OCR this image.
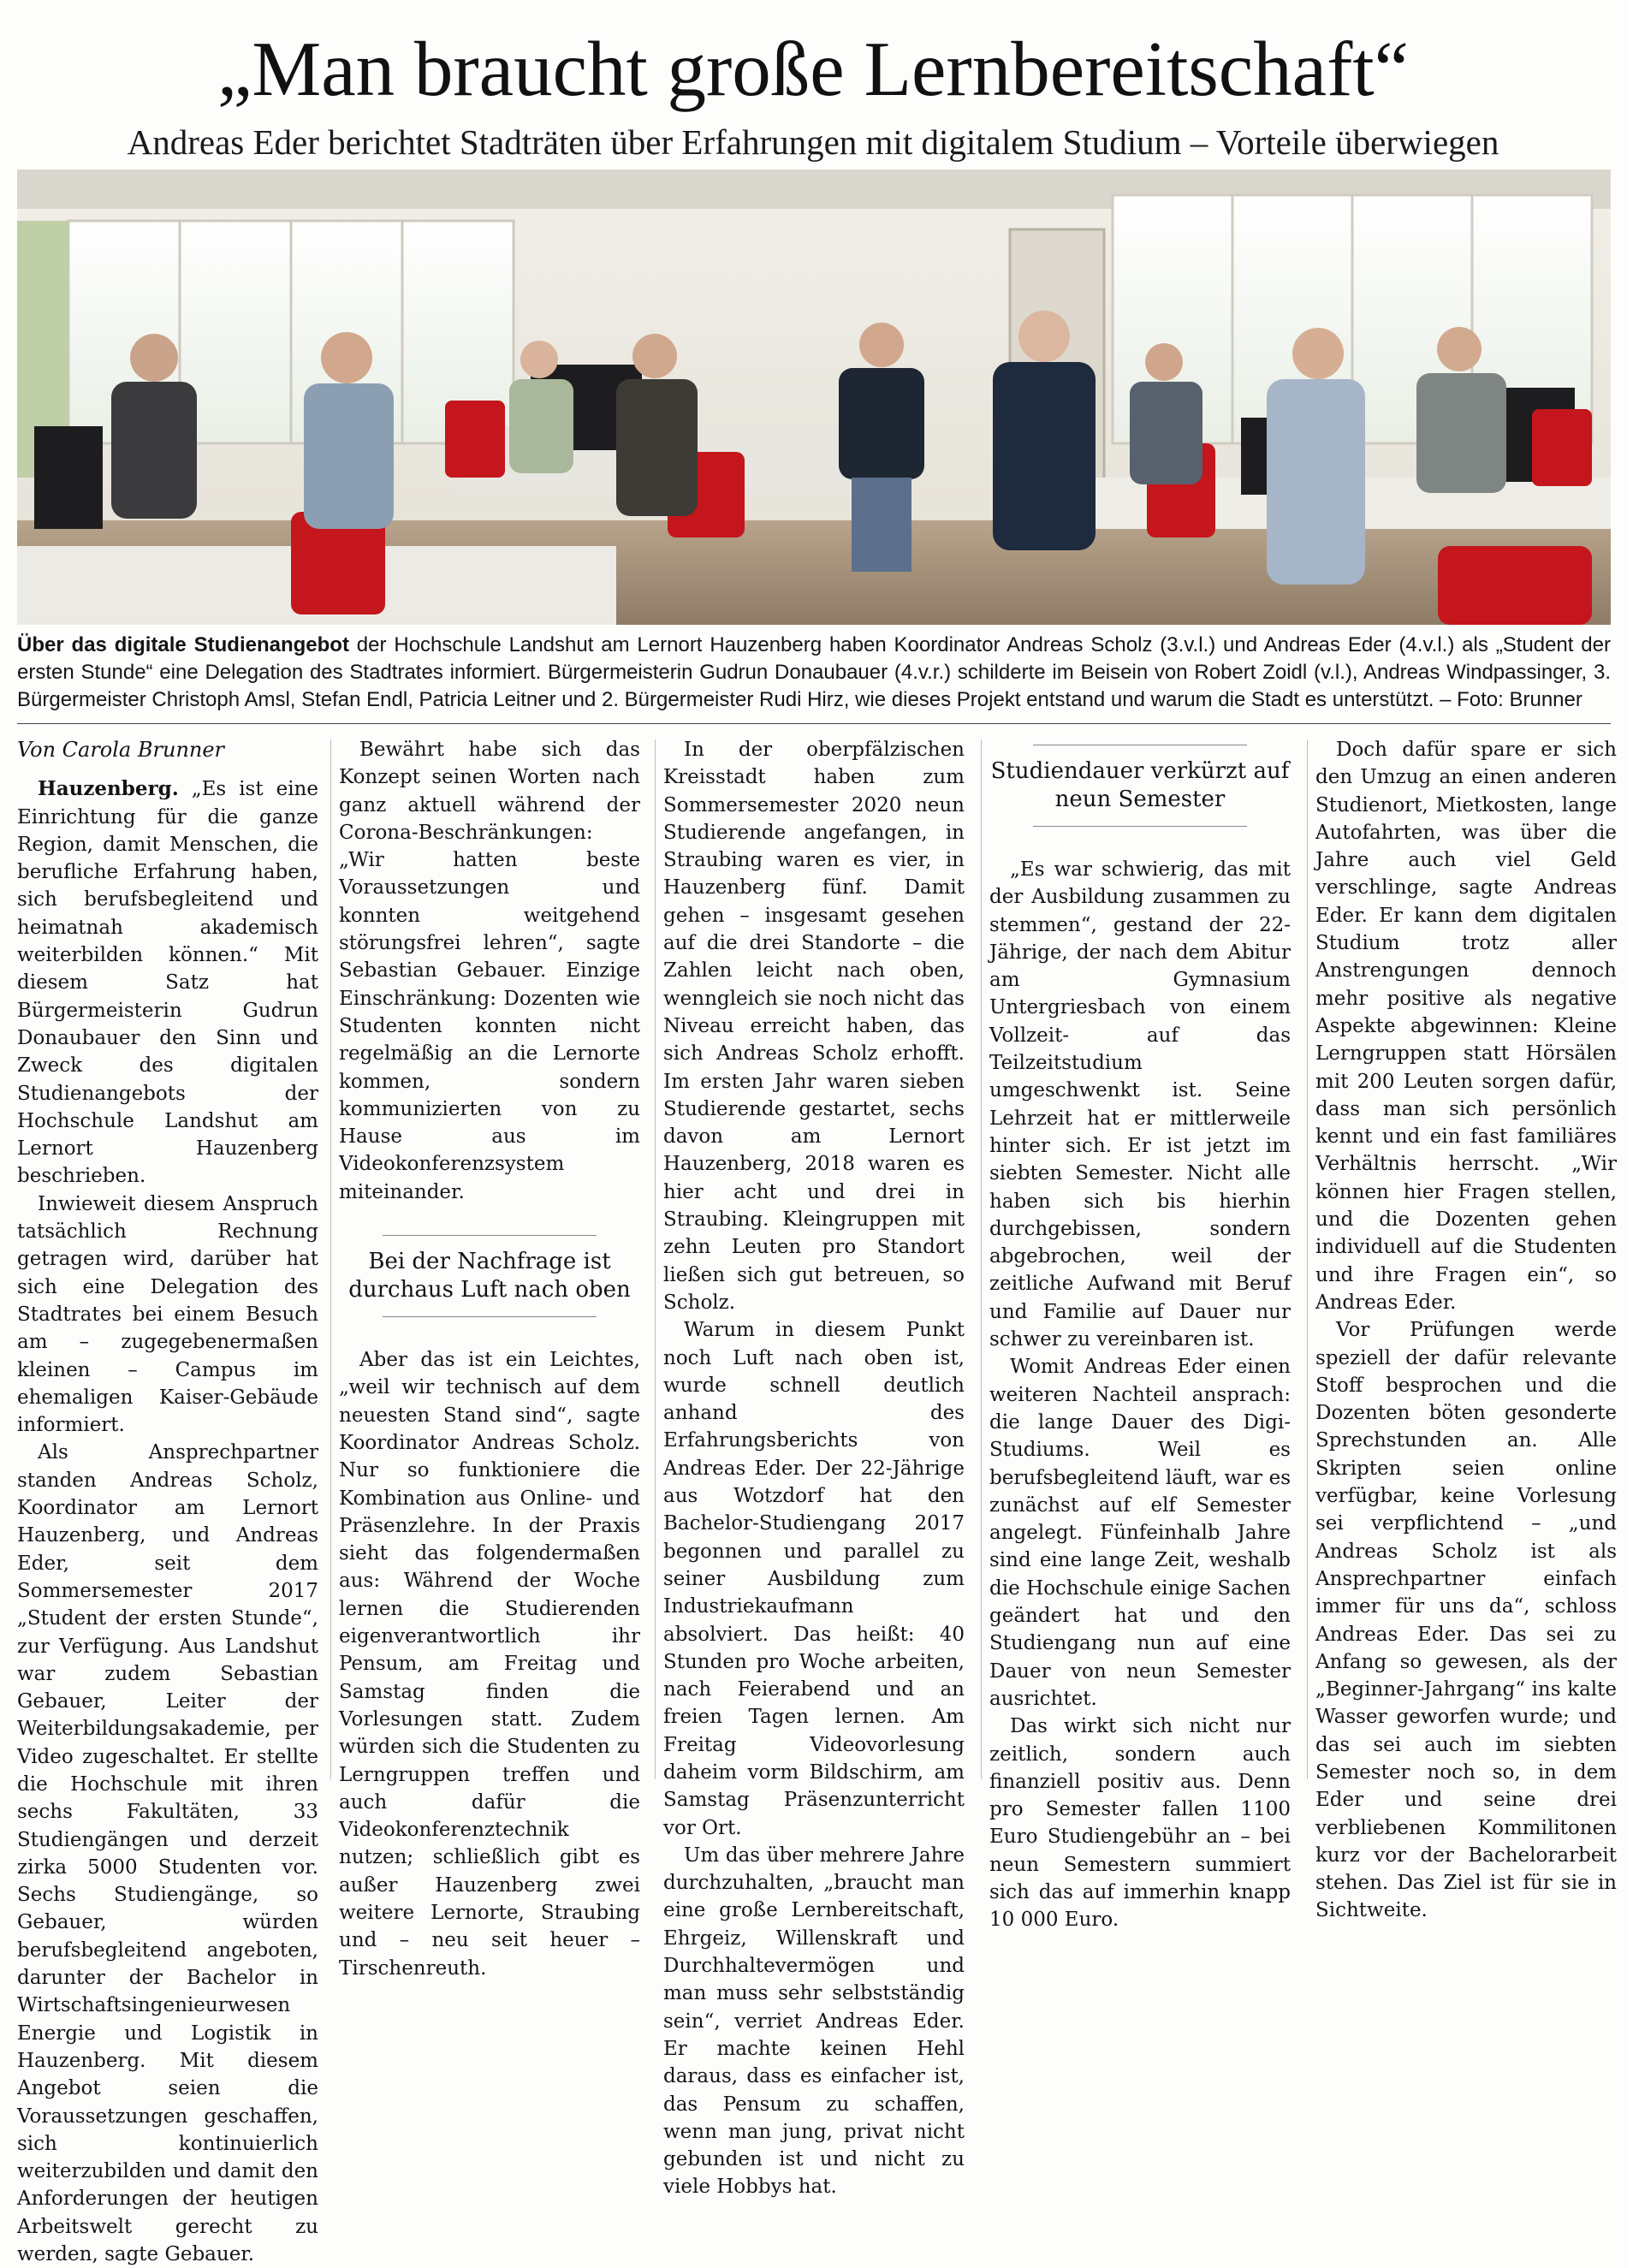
„Man braucht große Lernbereitschaft“
Andreas Eder berichtet Stadträten über Erfahrungen mit digitalem Studium – Vorteile überwiegen

Über das digitale Studienangebot der Hochschule Landshut am Lernort Hauzenberg haben Koordinator Andreas Scholz (3.v.l.) und Andreas Eder (4.v.l.) als „Student der ersten Stunde“ eine Delegation des Stadtrates informiert. Bürgermeisterin Gudrun Donaubauer (4.v.r.) schilderte im Beisein von Robert Zoidl (v.l.), Andreas Windpassinger, 3. Bürgermeister Christoph Amsl, Stefan Endl, Patricia Leitner und 2. Bürgermeister Rudi Hirz, wie dieses Projekt entstand und warum die Stadt es unterstützt. – Foto: Brunner

Von Carola Brunner

Hauzenberg. „Es ist eine Einrichtung für die ganze Region, damit Menschen, die berufliche Erfahrung haben, sich berufsbegleitend und heimatnah akademisch weiterbilden können.“ Mit diesem Satz hat Bürgermeisterin Gudrun Donaubauer den Sinn und Zweck des digitalen Studienangebots der Hochschule Landshut am Lernort Hauzenberg beschrieben.

Inwieweit diesem Anspruch tatsächlich Rechnung getragen wird, darüber hat sich eine Delegation des Stadtrates bei einem Besuch am – zugegebenermaßen kleinen – Campus im ehemaligen Kaiser-Gebäude informiert.

Als Ansprechpartner standen Andreas Scholz, Koordinator am Lernort Hauzenberg, und Andreas Eder, seit dem Sommersemester 2017 „Student der ersten Stunde“, zur Verfügung. Aus Landshut war zudem Sebastian Gebauer, Leiter der Weiterbildungsakademie, per Video zugeschaltet. Er stellte die Hochschule mit ihren sechs Fakultäten, 33 Studiengängen und derzeit zirka 5000 Studenten vor. Sechs Studiengänge, so Gebauer, würden berufsbegleitend angeboten, darunter der Bachelor in Wirtschaftsingenieurwesen Energie und Logistik in Hauzenberg. Mit diesem Angebot seien die Voraussetzungen geschaffen, sich kontinuierlich weiterzubilden und damit den Anforderungen der heutigen Arbeitswelt gerecht zu werden, sagte Gebauer.

Bewährt habe sich das Konzept seinen Worten nach ganz aktuell während der Corona-Beschränkungen: „Wir hatten beste Voraussetzungen und konnten weitgehend störungsfrei lehren“, sagte Sebastian Gebauer. Einzige Einschränkung: Dozenten wie Studenten konnten nicht regelmäßig an die Lernorte kommen, sondern kommunizierten von zu Hause aus im Videokonferenzsystem miteinander.

Bei der Nachfrage ist durchaus Luft nach oben

Aber das ist ein Leichtes, „weil wir technisch auf dem neuesten Stand sind“, sagte Koordinator Andreas Scholz. Nur so funktioniere die Kombination aus Online- und Präsenzlehre. In der Praxis sieht das folgendermaßen aus: Während der Woche lernen die Studierenden eigenverantwortlich ihr Pensum, am Freitag und Samstag finden die Vorlesungen statt. Zudem würden sich die Studenten zu Lerngruppen treffen und auch dafür die Videokonferenztechnik nutzen; schließlich gibt es außer Hauzenberg zwei weitere Lernorte, Straubing und – neu seit heuer – Tirschenreuth.

In der oberpfälzischen Kreisstadt haben zum Sommersemester 2020 neun Studierende angefangen, in Straubing waren es vier, in Hauzenberg fünf. Damit gehen – insgesamt gesehen auf die drei Standorte – die Zahlen leicht nach oben, wenngleich sie noch nicht das Niveau erreicht haben, das sich Andreas Scholz erhofft. Im ersten Jahr waren sieben Studierende gestartet, sechs davon am Lernort Hauzenberg, 2018 waren es hier acht und drei in Straubing. Kleingruppen mit zehn Leuten pro Standort ließen sich gut betreuen, so Scholz.

Warum in diesem Punkt noch Luft nach oben ist, wurde schnell deutlich anhand des Erfahrungsberichts von Andreas Eder. Der 22-Jährige aus Wotzdorf hat den Bachelor-Studiengang 2017 begonnen und parallel zu seiner Ausbildung zum Industriekaufmann absolviert. Das heißt: 40 Stunden pro Woche arbeiten, nach Feierabend und an freien Tagen lernen. Am Freitag Videovorlesung daheim vorm Bildschirm, am Samstag Präsenzunterricht vor Ort.

Um das über mehrere Jahre durchzuhalten, „braucht man eine große Lernbereitschaft, Ehrgeiz, Willenskraft und Durchhaltevermögen und man muss sehr selbstständig sein“, verriet Andreas Eder. Er machte keinen Hehl daraus, dass es einfacher ist, das Pensum zu schaffen, wenn man jung, privat nicht gebunden ist und nicht zu viele Hobbys hat.

Studiendauer verkürzt auf neun Semester

„Es war schwierig, das mit der Ausbildung zusammen zu stemmen“, gestand der 22-Jährige, der nach dem Abitur am Gymnasium Untergriesbach von einem Vollzeit- auf das Teilzeitstudium umgeschwenkt ist. Seine Lehrzeit hat er mittlerweile hinter sich. Er ist jetzt im siebten Semester. Nicht alle haben sich bis hierhin durchgebissen, sondern abgebrochen, weil der zeitliche Aufwand mit Beruf und Familie auf Dauer nur schwer zu vereinbaren ist.

Womit Andreas Eder einen weiteren Nachteil ansprach: die lange Dauer des Digi-Studiums. Weil es berufsbegleitend läuft, war es zunächst auf elf Semester angelegt. Fünfeinhalb Jahre sind eine lange Zeit, weshalb die Hochschule einige Sachen geändert hat und den Studiengang nun auf eine Dauer von neun Semester ausrichtet.

Das wirkt sich nicht nur zeitlich, sondern auch finanziell positiv aus. Denn pro Semester fallen 1100 Euro Studiengebühr an – bei neun Semestern summiert sich das auf immerhin knapp 10 000 Euro.

Doch dafür spare er sich den Umzug an einen anderen Studienort, Mietkosten, lange Autofahrten, was über die Jahre auch viel Geld verschlinge, sagte Andreas Eder. Er kann dem digitalen Studium trotz aller Anstrengungen dennoch mehr positive als negative Aspekte abgewinnen: Kleine Lerngruppen statt Hörsälen mit 200 Leuten sorgen dafür, dass man sich persönlich kennt und ein fast familiäres Verhältnis herrscht. „Wir können hier Fragen stellen, und die Dozenten gehen individuell auf die Studenten und ihre Fragen ein“, so Andreas Eder.

Vor Prüfungen werde speziell der dafür relevante Stoff besprochen und die Dozenten böten gesonderte Sprechstunden an. Alle Skripten seien online verfügbar, keine Vorlesung sei verpflichtend – „und Andreas Scholz ist als Ansprechpartner einfach immer für uns da“, schloss Andreas Eder. Das sei zu Anfang so gewesen, als der „Beginner-Jahrgang“ ins kalte Wasser geworfen wurde; und das sei auch im siebten Semester noch so, in dem Eder und seine drei verbliebenen Kommilitonen kurz vor der Bachelorarbeit stehen. Das Ziel ist für sie in Sichtweite.
